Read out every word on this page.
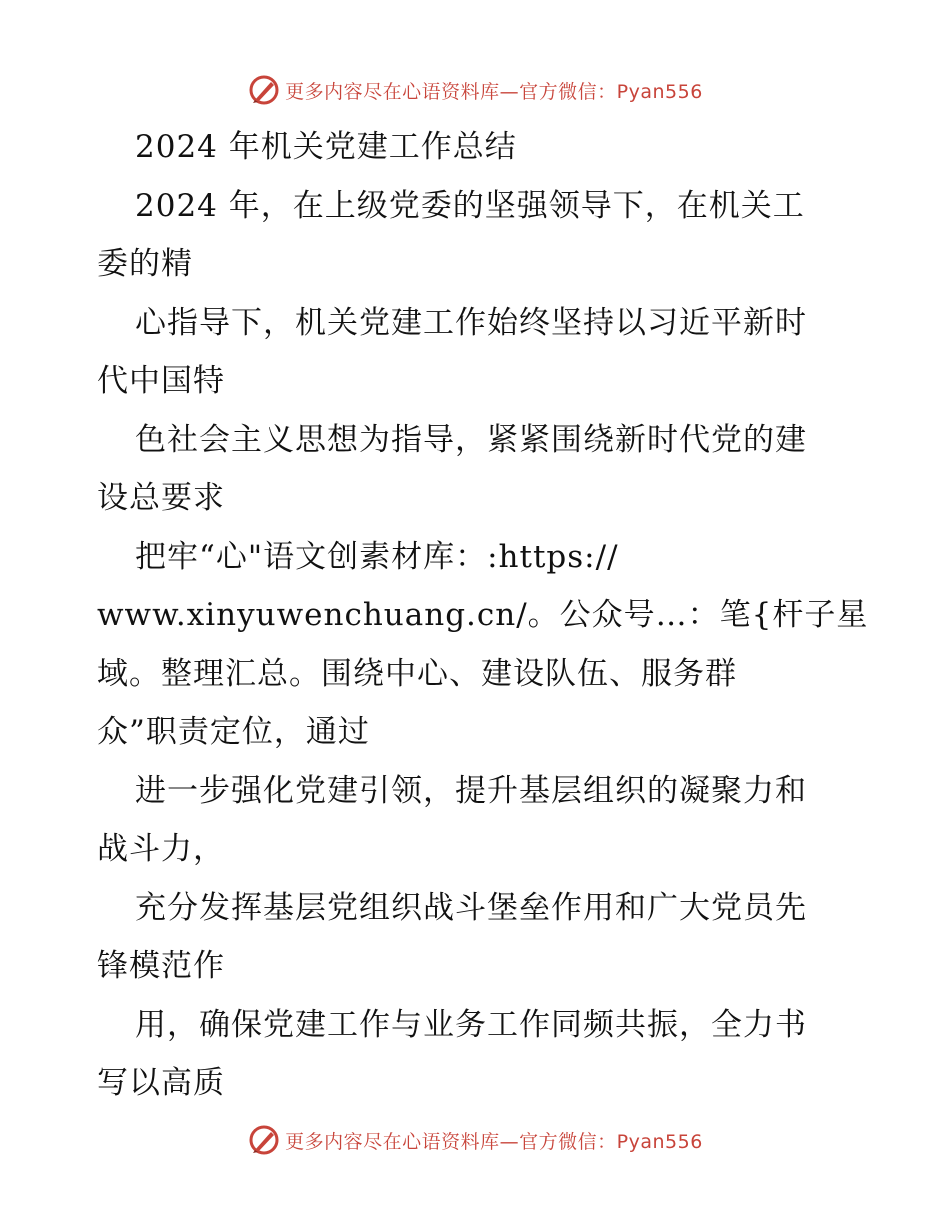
更多内容尽在心语资料库—官方微信：Pyan556
2024 年机关党建工作总结
2024 年，在上级党委的坚强领导下，在机关工
委的精
心指导下，机关党建工作始终坚持以习近平新时
代中国特
色社会主义思想为指导，紧紧围绕新时代党的建
设总要求
把牢“心"语文创素材库：:https://
www.xinyuwenchuang.cn/。公众号…：笔{杆子星
域。整理汇总。围绕中心、建设队伍、服务群
众”职责定位，通过
进一步强化党建引领，提升基层组织的凝聚力和
战斗力，
充分发挥基层党组织战斗堡垒作用和广大党员先
锋模范作
用，确保党建工作与业务工作同频共振，全力书
写以高质
更多内容尽在心语资料库—官方微信：Pyan556
